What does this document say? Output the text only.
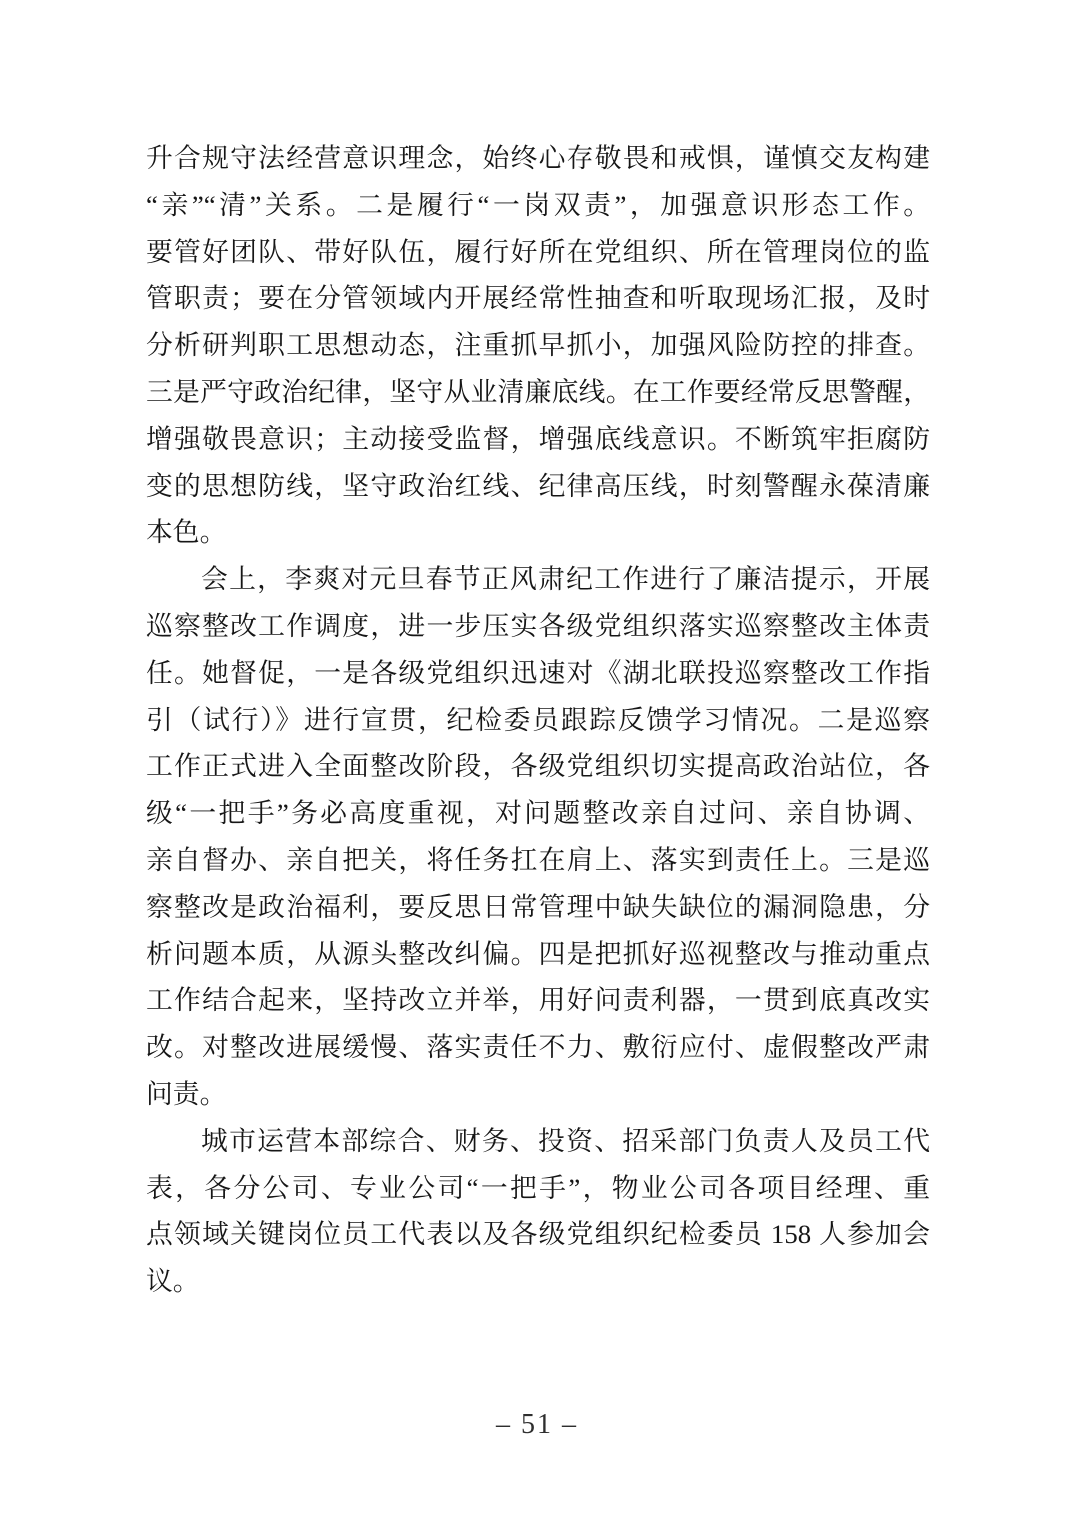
升合规守法经营意识理念，始终心存敬畏和戒惧，谨慎交友构建
“亲”“清”关系。二是履行“一岗双责”，加强意识形态工作。
要管好团队、带好队伍，履行好所在党组织、所在管理岗位的监
管职责；要在分管领域内开展经常性抽查和听取现场汇报，及时
分析研判职工思想动态，注重抓早抓小，加强风险防控的排查。
三是严守政治纪律，坚守从业清廉底线。在工作要经常反思警醒，
增强敬畏意识；主动接受监督，增强底线意识。不断筑牢拒腐防
变的思想防线，坚守政治红线、纪律高压线，时刻警醒永葆清廉
本色。
会上，李爽对元旦春节正风肃纪工作进行了廉洁提示，开展
巡察整改工作调度，进一步压实各级党组织落实巡察整改主体责
任。她督促，一是各级党组织迅速对《湖北联投巡察整改工作指
引（试行）》进行宣贯，纪检委员跟踪反馈学习情况。二是巡察
工作正式进入全面整改阶段，各级党组织切实提高政治站位，各
级“一把手”务必高度重视，对问题整改亲自过问、亲自协调、
亲自督办、亲自把关，将任务扛在肩上、落实到责任上。三是巡
察整改是政治福利，要反思日常管理中缺失缺位的漏洞隐患，分
析问题本质，从源头整改纠偏。四是把抓好巡视整改与推动重点
工作结合起来，坚持改立并举，用好问责利器，一贯到底真改实
改。对整改进展缓慢、落实责任不力、敷衍应付、虚假整改严肃
问责。
城市运营本部综合、财务、投资、招采部门负责人及员工代
表，各分公司、专业公司“一把手”，物业公司各项目经理、重
点领域关键岗位员工代表以及各级党组织纪检委员 158 人参加会
议。
– 51 –
